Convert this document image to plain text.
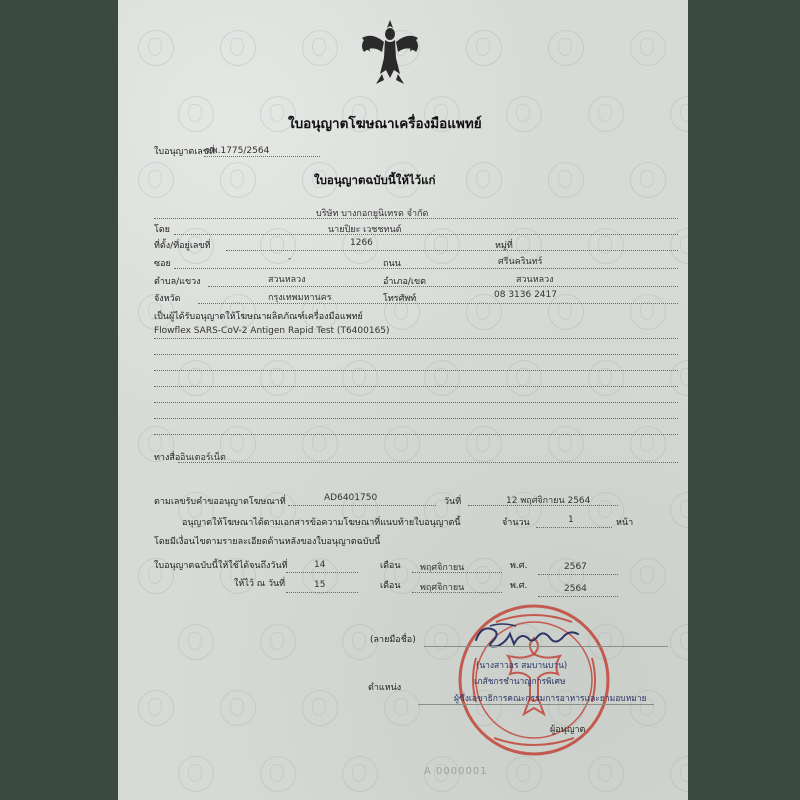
ใบอนุญาตโฆษณาเครื่องมือแพทย์
ใบอนุญาตเลขที่
ฆพ.1775/2564
ใบอนุญาตฉบับนี้ให้ไว้แก่
บริษัท บางกอกยูนิเทรด จำกัด
โดย	นายปิยะ เวชชทนต์
ที่ตั้ง/ที่อยู่เลขที่	1266	หมู่ที่
ซอย	-	ถนน	ศรีนครินทร์
ตำบล/แขวง	สวนหลวง	อำเภอ/เขต	สวนหลวง
จังหวัด	กรุงเทพมหานคร	โทรศัพท์	08 3136 2417
เป็นผู้ได้รับอนุญาตให้โฆษณาผลิตภัณฑ์เครื่องมือแพทย์
Flowflex SARS-CoV-2 Antigen Rapid Test (T6400165)
ทางสื่อ อินเตอร์เน็ต
ตามเลขรับคำขออนุญาตโฆษณาที่	AD6401750	วันที่	12 พฤศจิกายน 2564
อนุญาตให้โฆษณาได้ตามเอกสารข้อความโฆษณาที่แนบท้ายใบอนุญาตนี้	จำนวน	1	หน้า
โดยมีเงื่อนไขตามรายละเอียดด้านหลังของใบอนุญาตฉบับนี้
ใบอนุญาตฉบับนี้ให้ใช้ได้จนถึงวันที่	14	เดือน พฤศจิกายน	พ.ศ.	2567
ให้ไว้ ณ วันที่	15	เดือน พฤศจิกายน	พ.ศ.	2564
(ลายมือชื่อ)
(นางสาวอร สมบานบาน)
เภสัชกรชำนาญการพิเศษ
ตำแหน่ง
ผู้ซึ่งเลขาธิการคณะกรรมการอาหารและยามอบหมาย
ผู้อนุญาต
A 0000001
